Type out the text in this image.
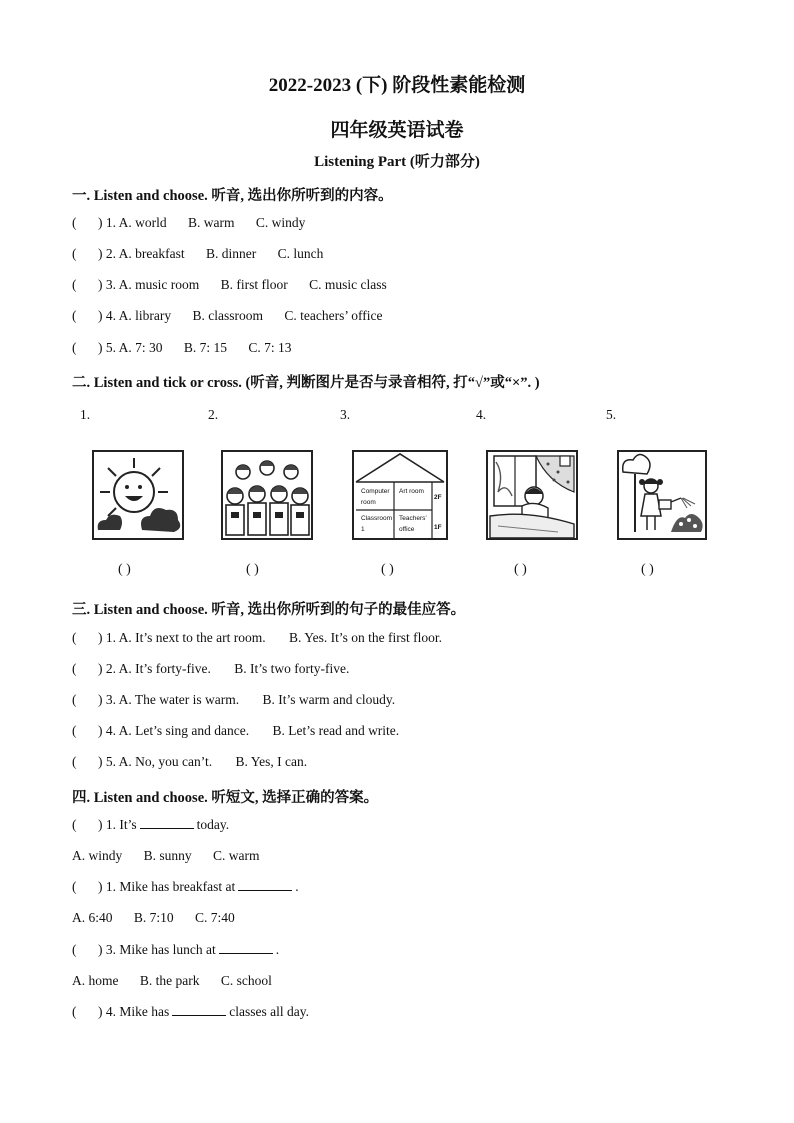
2022-2023 (下) 阶段性素能检测
四年级英语试卷
Listening Part (听力部分)
一. Listen and choose. 听音, 选出你所听到的内容。
( ) 1. A. world B. warm C. windy
( ) 2. A. breakfast B. dinner C. lunch
( ) 3. A. music room B. first floor C. music class
( ) 4. A. library B. classroom C. teachers’ office
( ) 5. A. 7: 30 B. 7: 15 C. 7: 13
二. Listen and tick or cross. (听音, 判断图片是否与录音相符, 打“√”或“×”. )
1.	2.	3.	4.	5.
Computer
room
Art room
Classroom
1
Teachers’
office
2F
1F
( )	( )	( )	( )	( )
三. Listen and choose. 听音, 选出你所听到的句子的最佳应答。
( ) 1. A. It’s next to the art room. B. Yes. It’s on the first floor.
( ) 2. A. It’s forty-five. B. It’s two forty-five.
( ) 3. A. The water is warm. B. It’s warm and cloudy.
( ) 4. A. Let’s sing and dance. B. Let’s read and write.
( ) 5. A. No, you can’t. B. Yes, I can.
四. Listen and choose. 听短文, 选择正确的答案。
( ) 1. It’s	today.
A. windy B. sunny C. warm
( ) 1. Mike has breakfast at	.
A. 6:40 B. 7:10 C. 7:40
( ) 3. Mike has lunch at	.
A. home B. the park C. school
( ) 4. Mike has	classes all day.
